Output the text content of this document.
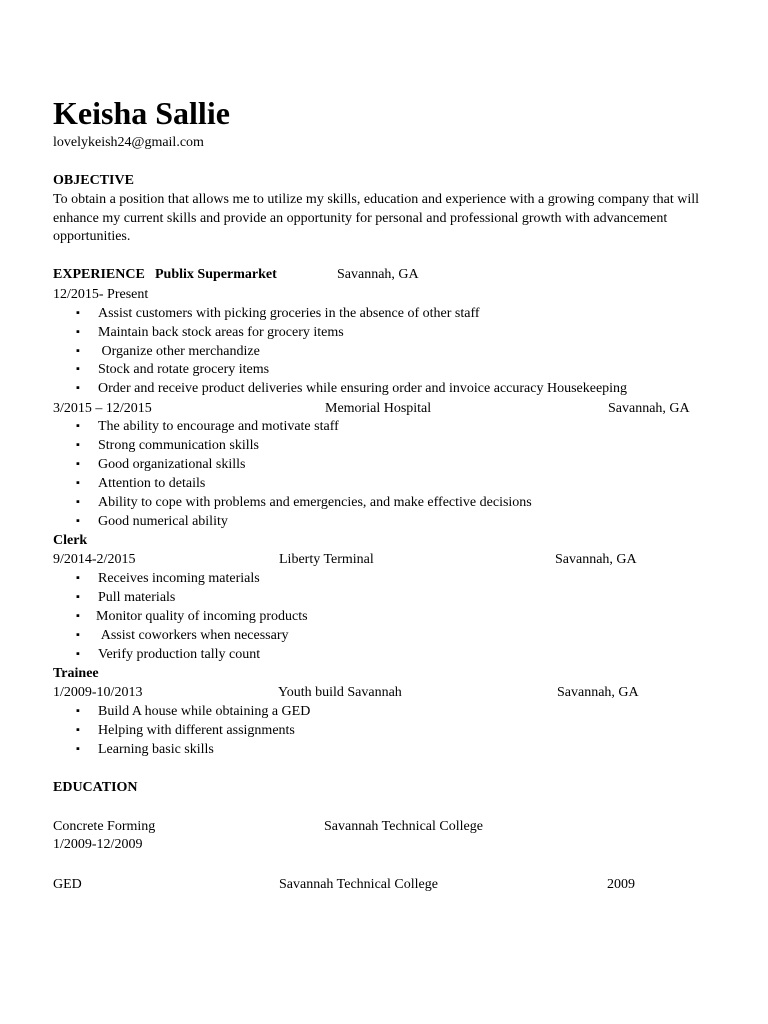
Keisha Sallie
lovelykeish24@gmail.com
OBJECTIVE
To obtain a position that allows me to utilize my skills, education and experience with a growing company that will enhance my current skills and provide an opportunity for personal and professional growth with advancement opportunities.
EXPERIENCE Publix Supermarket	Savannah, GA
12/2015- Present
▪ Assist customers with picking groceries in the absence of other staff
▪ Maintain back stock areas for grocery items
▪ Organize other merchandize
▪ Stock and rotate grocery items
▪ Order and receive product deliveries while ensuring order and invoice accuracy Housekeeping
3/2015 – 12/2015	Memorial Hospital	Savannah, GA
▪ The ability to encourage and motivate staff
▪ Strong communication skills
▪ Good organizational skills
▪ Attention to details
▪ Ability to cope with problems and emergencies, and make effective decisions
▪ Good numerical ability
Clerk
9/2014-2/2015	Liberty Terminal	Savannah, GA
▪ Receives incoming materials
▪ Pull materials
▪ Monitor quality of incoming products
▪ Assist coworkers when necessary
▪ Verify production tally count
Trainee
1/2009-10/2013	Youth build Savannah	Savannah, GA
▪ Build A house while obtaining a GED
▪ Helping with different assignments
▪ Learning basic skills
EDUCATION
Concrete Forming	Savannah Technical College
1/2009-12/2009
GED	Savannah Technical College	2009
